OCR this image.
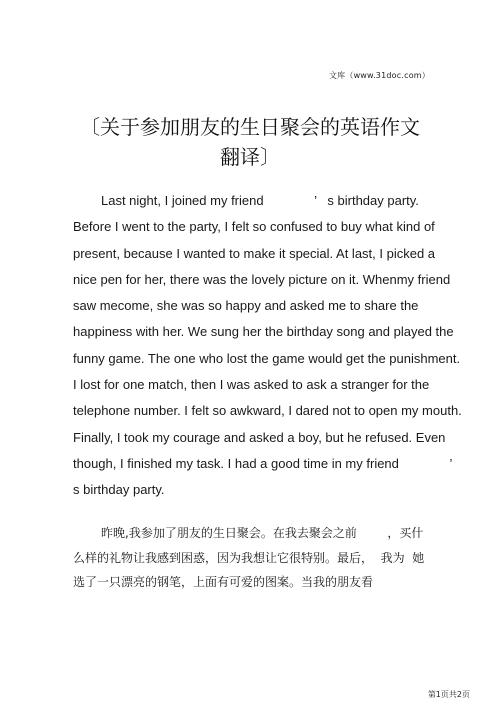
文库（www.31doc.com）
〔关于参加朋友的生日聚会的英语作文
翻译〕
Last night, I joined my friend              ’   s birthday party.
Before I went to the party, I felt so confused to buy what kind of
present, because I wanted to make it special. At last, I picked a
nice pen for her, there was the lovely picture on it. Whenmy friend
saw mecome, she was so happy and asked me to share the
happiness with her. We sung her the birthday song and played the
funny game. The one who lost the game would get the punishment.
I lost for one match, then I was asked to ask a stranger for the
telephone number. I felt so awkward, I dared not to open my mouth.
Finally, I took my courage and asked a boy, but he refused. Even
though, I finished my task. I had a good time in my friend              ’
s birthday party.
昨晚,我参加了朋友的生日聚会。在我去聚会之前        ，买什
么样的礼物让我感到困惑，因为我想让它很特别。最后，  我为  她
选了一只漂亮的钢笔，上面有可爱的图案。当我的朋友看
第1页共2页
